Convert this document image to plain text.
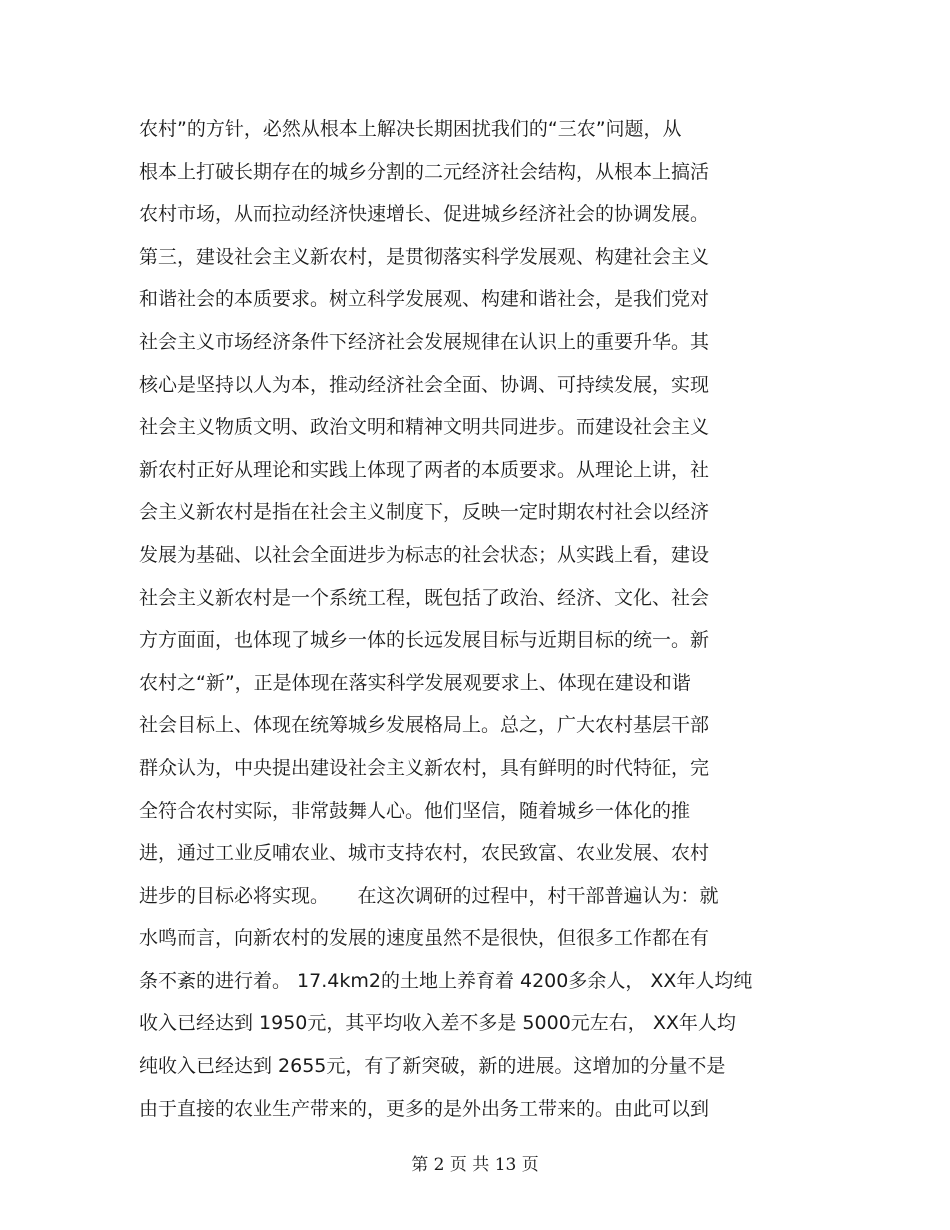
农村”的方针，必然从根本上解决长期困扰我们的“三农”问题，从
根本上打破长期存在的城乡分割的二元经济社会结构，从根本上搞活
农村市场，从而拉动经济快速增长、促进城乡经济社会的协调发展。
第三，建设社会主义新农村，是贯彻落实科学发展观、构建社会主义
和谐社会的本质要求。树立科学发展观、构建和谐社会，是我们党对
社会主义市场经济条件下经济社会发展规律在认识上的重要升华。其
核心是坚持以人为本，推动经济社会全面、协调、可持续发展，实现
社会主义物质文明、政治文明和精神文明共同进步。而建设社会主义
新农村正好从理论和实践上体现了两者的本质要求。从理论上讲，社
会主义新农村是指在社会主义制度下，反映一定时期农村社会以经济
发展为基础、以社会全面进步为标志的社会状态；从实践上看，建设
社会主义新农村是一个系统工程，既包括了政治、经济、文化、社会
方方面面，也体现了城乡一体的长远发展目标与近期目标的统一。新
农村之“新”，正是体现在落实科学发展观要求上、体现在建设和谐
社会目标上、体现在统筹城乡发展格局上。总之，广大农村基层干部
群众认为，中央提出建设社会主义新农村，具有鲜明的时代特征，完
全符合农村实际，非常鼓舞人心。他们坚信，随着城乡一体化的推
进，通过工业反哺农业、城市支持农村，农民致富、农业发展、农村
进步的目标必将实现。　　在这次调研的过程中，村干部普遍认为：就
水鸣而言，向新农村的发展的速度虽然不是很快，但很多工作都在有
条不紊的进行着。 17.4km2的土地上养育着 4200多余人， XX年人均纯
收入已经达到 1950元，其平均收入差不多是 5000元左右， XX年人均
纯收入已经达到 2655元，有了新突破，新的进展。这增加的分量不是
由于直接的农业生产带来的，更多的是外出务工带来的。由此可以到
第 2 页 共 13 页
